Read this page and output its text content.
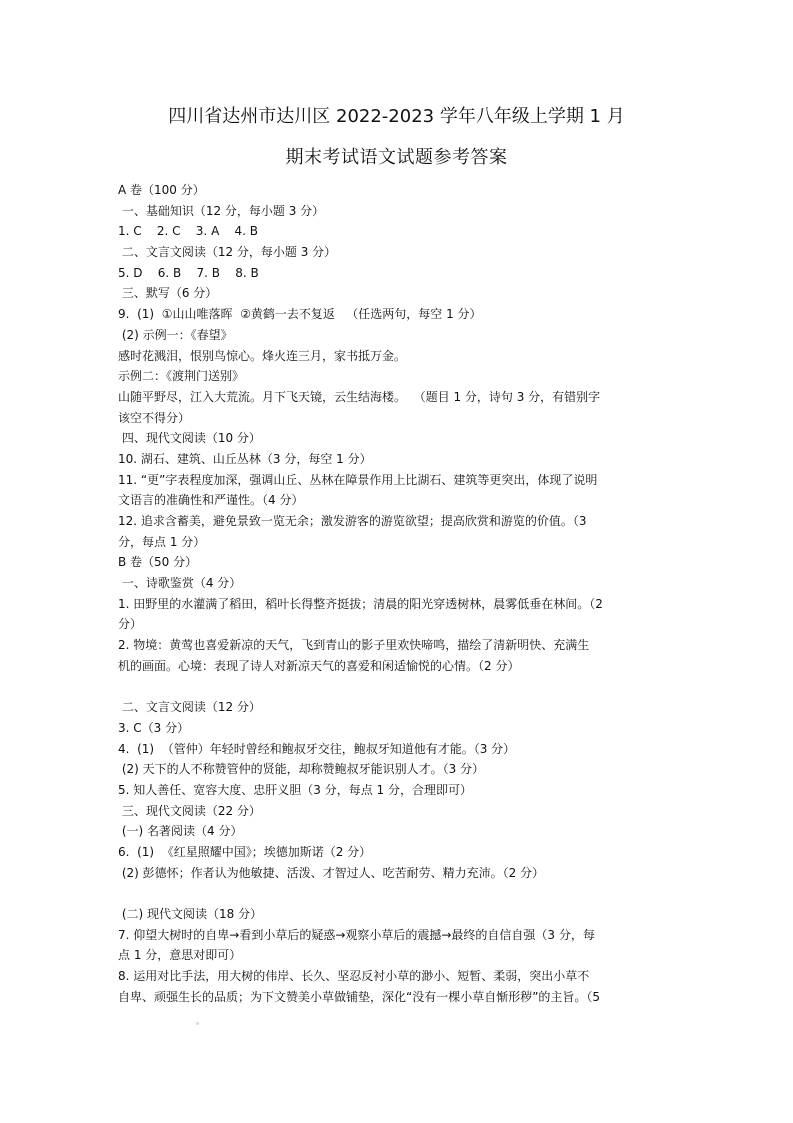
四川省达州市达川区 2022-2023 学年八年级上学期 1 月
期末考试语文试题参考答案
A 卷（100 分）
一、基础知识（12 分，每小题 3 分）
1. C    2. C    3. A    4. B
二、文言文阅读（12 分，每小题 3 分）
5. D    6. B    7. B    8. B
三、默写（6 分）
9.  (1)  ①山山唯落晖  ②黄鹤一去不复返   （任选两句，每空 1 分）
(2) 示例一：《春望》
感时花溅泪，恨别鸟惊心。烽火连三月，家书抵万金。
示例二：《渡荆门送别》
山随平野尽，江入大荒流。月下飞天镜，云生结海楼。  （题目 1 分，诗句 3 分，有错别字
该空不得分）
四、现代文阅读（10 分）
10. 湖石、建筑、山丘丛林（3 分，每空 1 分）
11. “更”字表程度加深，强调山丘、丛林在障景作用上比湖石、建筑等更突出，体现了说明
文语言的准确性和严谨性。（4 分）
12. 追求含蓄美，避免景致一览无余；激发游客的游览欲望；提高欣赏和游览的价值。（3
分，每点 1 分）
B 卷（50 分）
一、诗歌鉴赏（4 分）
1. 田野里的水灌满了稻田，稻叶长得整齐挺拔；清晨的阳光穿透树林，晨雾低垂在林间。（2
分）
2. 物境：黄莺也喜爱新凉的天气，飞到青山的影子里欢快啼鸣，描绘了清新明快、充满生
机的画面。心境：表现了诗人对新凉天气的喜爱和闲适愉悦的心情。（2 分）
二、文言文阅读（12 分）
3. C（3 分）
4.  (1)  （管仲）年轻时曾经和鲍叔牙交往，鲍叔牙知道他有才能。（3 分）
(2) 天下的人不称赞管仲的贤能，却称赞鲍叔牙能识别人才。（3 分）
5. 知人善任、宽容大度、忠肝义胆（3 分，每点 1 分，合理即可）
三、现代文阅读（22 分）
(一) 名著阅读（4 分）
6.  (1)  《红星照耀中国》；埃德加斯诺（2 分）
(2) 彭德怀；作者认为他敏捷、活泼、才智过人、吃苦耐劳、精力充沛。（2 分）
(二) 现代文阅读（18 分）
7. 仰望大树时的自卑→看到小草后的疑惑→观察小草后的震撼→最终的自信自强（3 分，每
点 1 分，意思对即可）
8. 运用对比手法，用大树的伟岸、长久、坚忍反衬小草的渺小、短暂、柔弱，突出小草不
自卑、顽强生长的品质；为下文赞美小草做铺垫，深化“没有一棵小草自惭形秽”的主旨。（5
